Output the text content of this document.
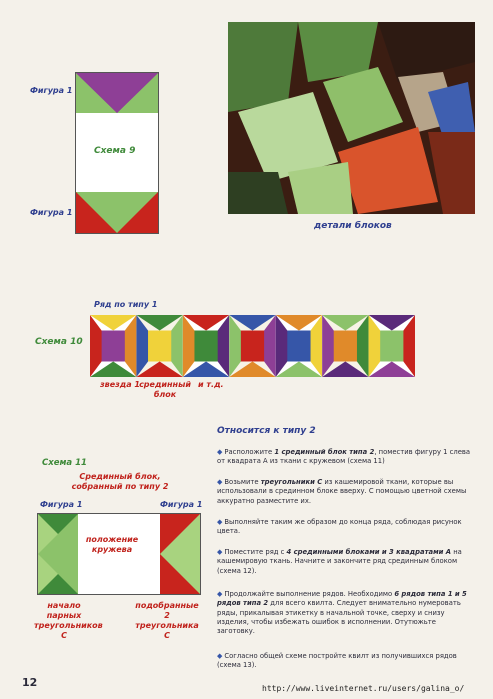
Фигура 1
Фигура 1
Схема 9
детали блоков
Ряд по типу 1
Схема 10
звезда 1 срединный блок
и т.д.
Схема 11
Срединный блок, собранный по типу 2
Фигура 1	Фигура 1
положение кружева
начало парных треугольников С
подобранные 2 треугольника С
Относится к типу 2
◆ Расположите 1 срединный блок типа 2, поместив фигуру 1 слева от квадрата А из ткани с кружевом (схема 11)
◆ Возьмите треугольники С из кашемировой ткани, которые вы использовали в срединном блоке вверху. С помощью цветной схемы аккуратно разместите их.
◆ Выполняйте таким же образом до конца ряда, соблюдая рисунок цвета.
◆ Поместите ряд с 4 срединными блоками и 3 квадратами А на кашемировую ткань. Начните и закончите ряд срединным блоком (схема 12).
◆ Продолжайте выполнение рядов. Необходимо 6 рядов типа 1 и 5 рядов типа 2 для всего квилта. Следует внимательно нумеровать ряды, прикалывая этикетку в начальной точке, сверху и снизу изделия, чтобы избежать ошибок в исполнении. Отутюжьте заготовку.
◆ Согласно общей схеме постройте квилт из получившихся рядов (схема 13).
12	http://www.liveinternet.ru/users/galina_o/
